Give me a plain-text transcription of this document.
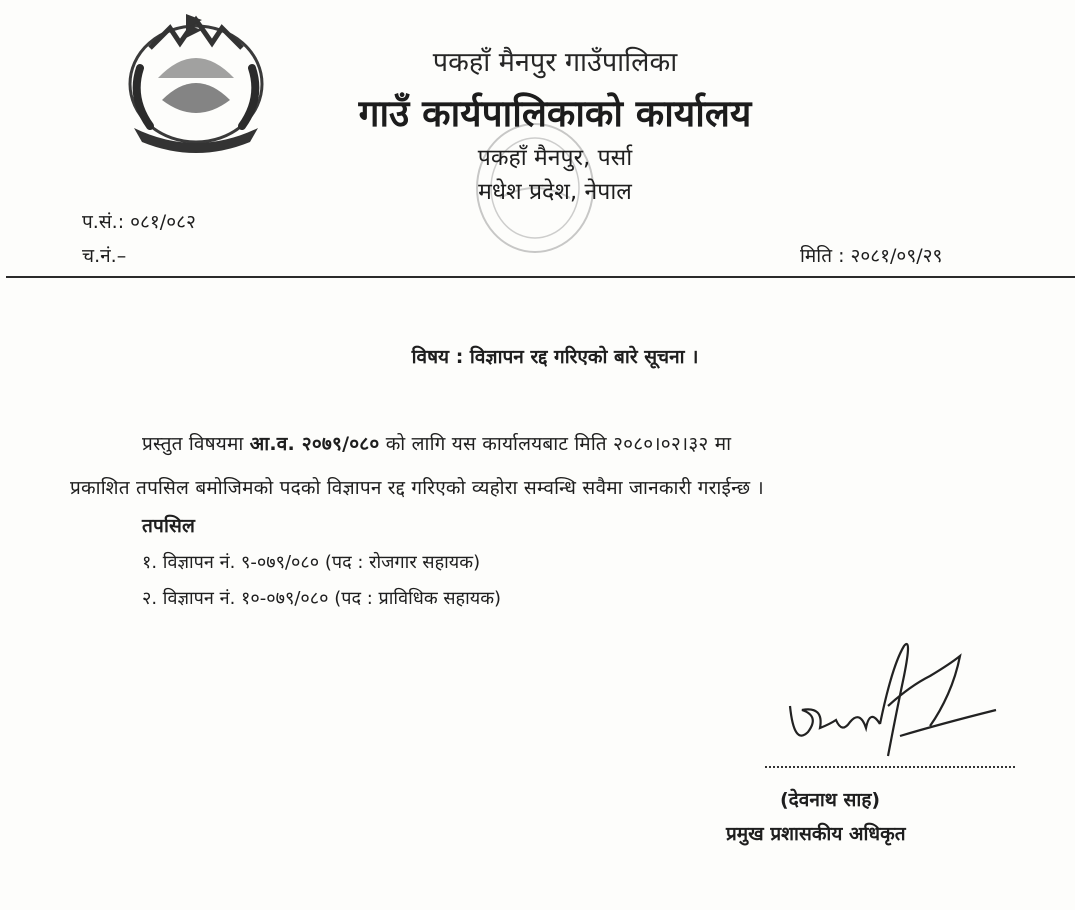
पकहाँ मैनपुर गाउँपालिका
गाउँ कार्यपालिकाको कार्यालय
पकहाँ मैनपुर, पर्सा
मधेश प्रदेश, नेपाल
प.सं.: ०८१/०८२
च.नं.–	मिति : २०८१/०९/२९
विषय : विज्ञापन रद्द गरिएको बारे सूचना ।
प्रस्तुत विषयमा आ.व. २०७९/०८० को लागि यस कार्यालयबाट मिति २०८०।०२।३२ मा
प्रकाशित तपसिल बमोजिमको पदको विज्ञापन रद्द गरिएको व्यहोरा सम्वन्धि सवैमा जानकारी गराईन्छ ।
तपसिल
१. विज्ञापन नं. ९-०७९/०८० (पद : रोजगार सहायक)
२. विज्ञापन नं. १०-०७९/०८० (पद : प्राविधिक सहायक)
(देवनाथ साह)
प्रमुख प्रशासकीय अधिकृत
